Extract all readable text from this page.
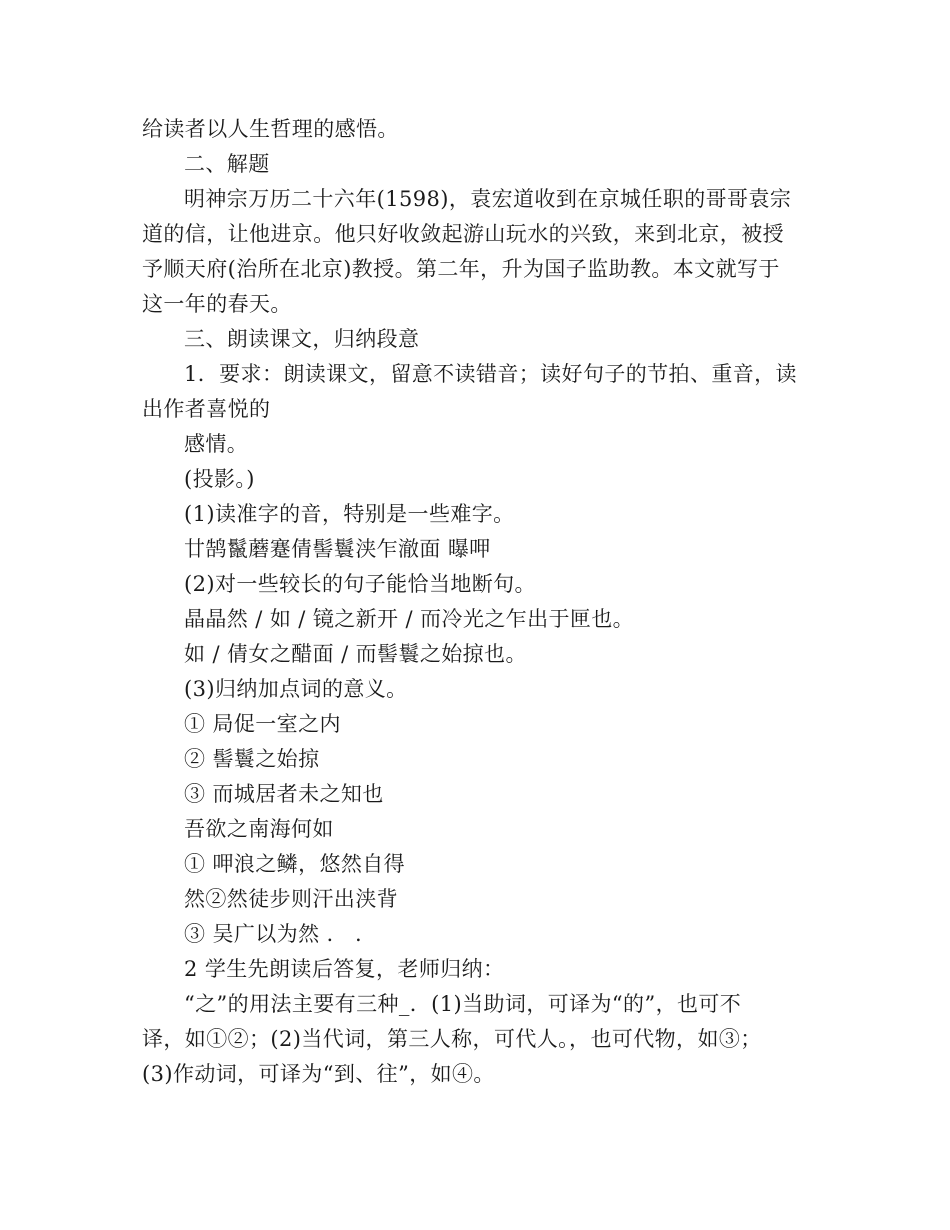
给读者以人生哲理的感悟。
二、解题
明神宗万历二十六年(1598)，袁宏道收到在京城任职的哥哥袁宗
道的信，让他进京。他只好收敛起游山玩水的兴致，来到北京，被授
予顺天府(治所在北京)教授。第二年，升为国子监助教。本文就写于
这一年的春天。
三、朗读课文，归纳段意
1．要求：朗读课文，留意不读错音；读好句子的节拍、重音，读
出作者喜悦的
感情。
(投影。)
(1)读准字的音，特别是一些难字。
廿鹄鬣蘑蹇倩髻鬟浃乍澈面 曝呷
(2)对一些较长的句子能恰当地断句。
晶晶然 / 如 / 镜之新开 / 而冷光之乍出于匣也。
如 / 倩女之醋面 / 而髻鬟之始掠也。
(3)归纳加点词的意义。
① 局促一室之内
② 髻鬟之始掠
③ 而城居者未之知也
吾欲之南海何如
① 呷浪之鳞，悠然自得
然②然徒步则汗出浃背
③ 吴广以为然 .　.
2 学生先朗读后答复，老师归纳：
“之”的用法主要有三种_．(1)当助词，可译为“的”，也可不
译，如①②；(2)当代词，第三人称，可代人。，也可代物，如③；
(3)作动词，可译为“到、往”，如④。
